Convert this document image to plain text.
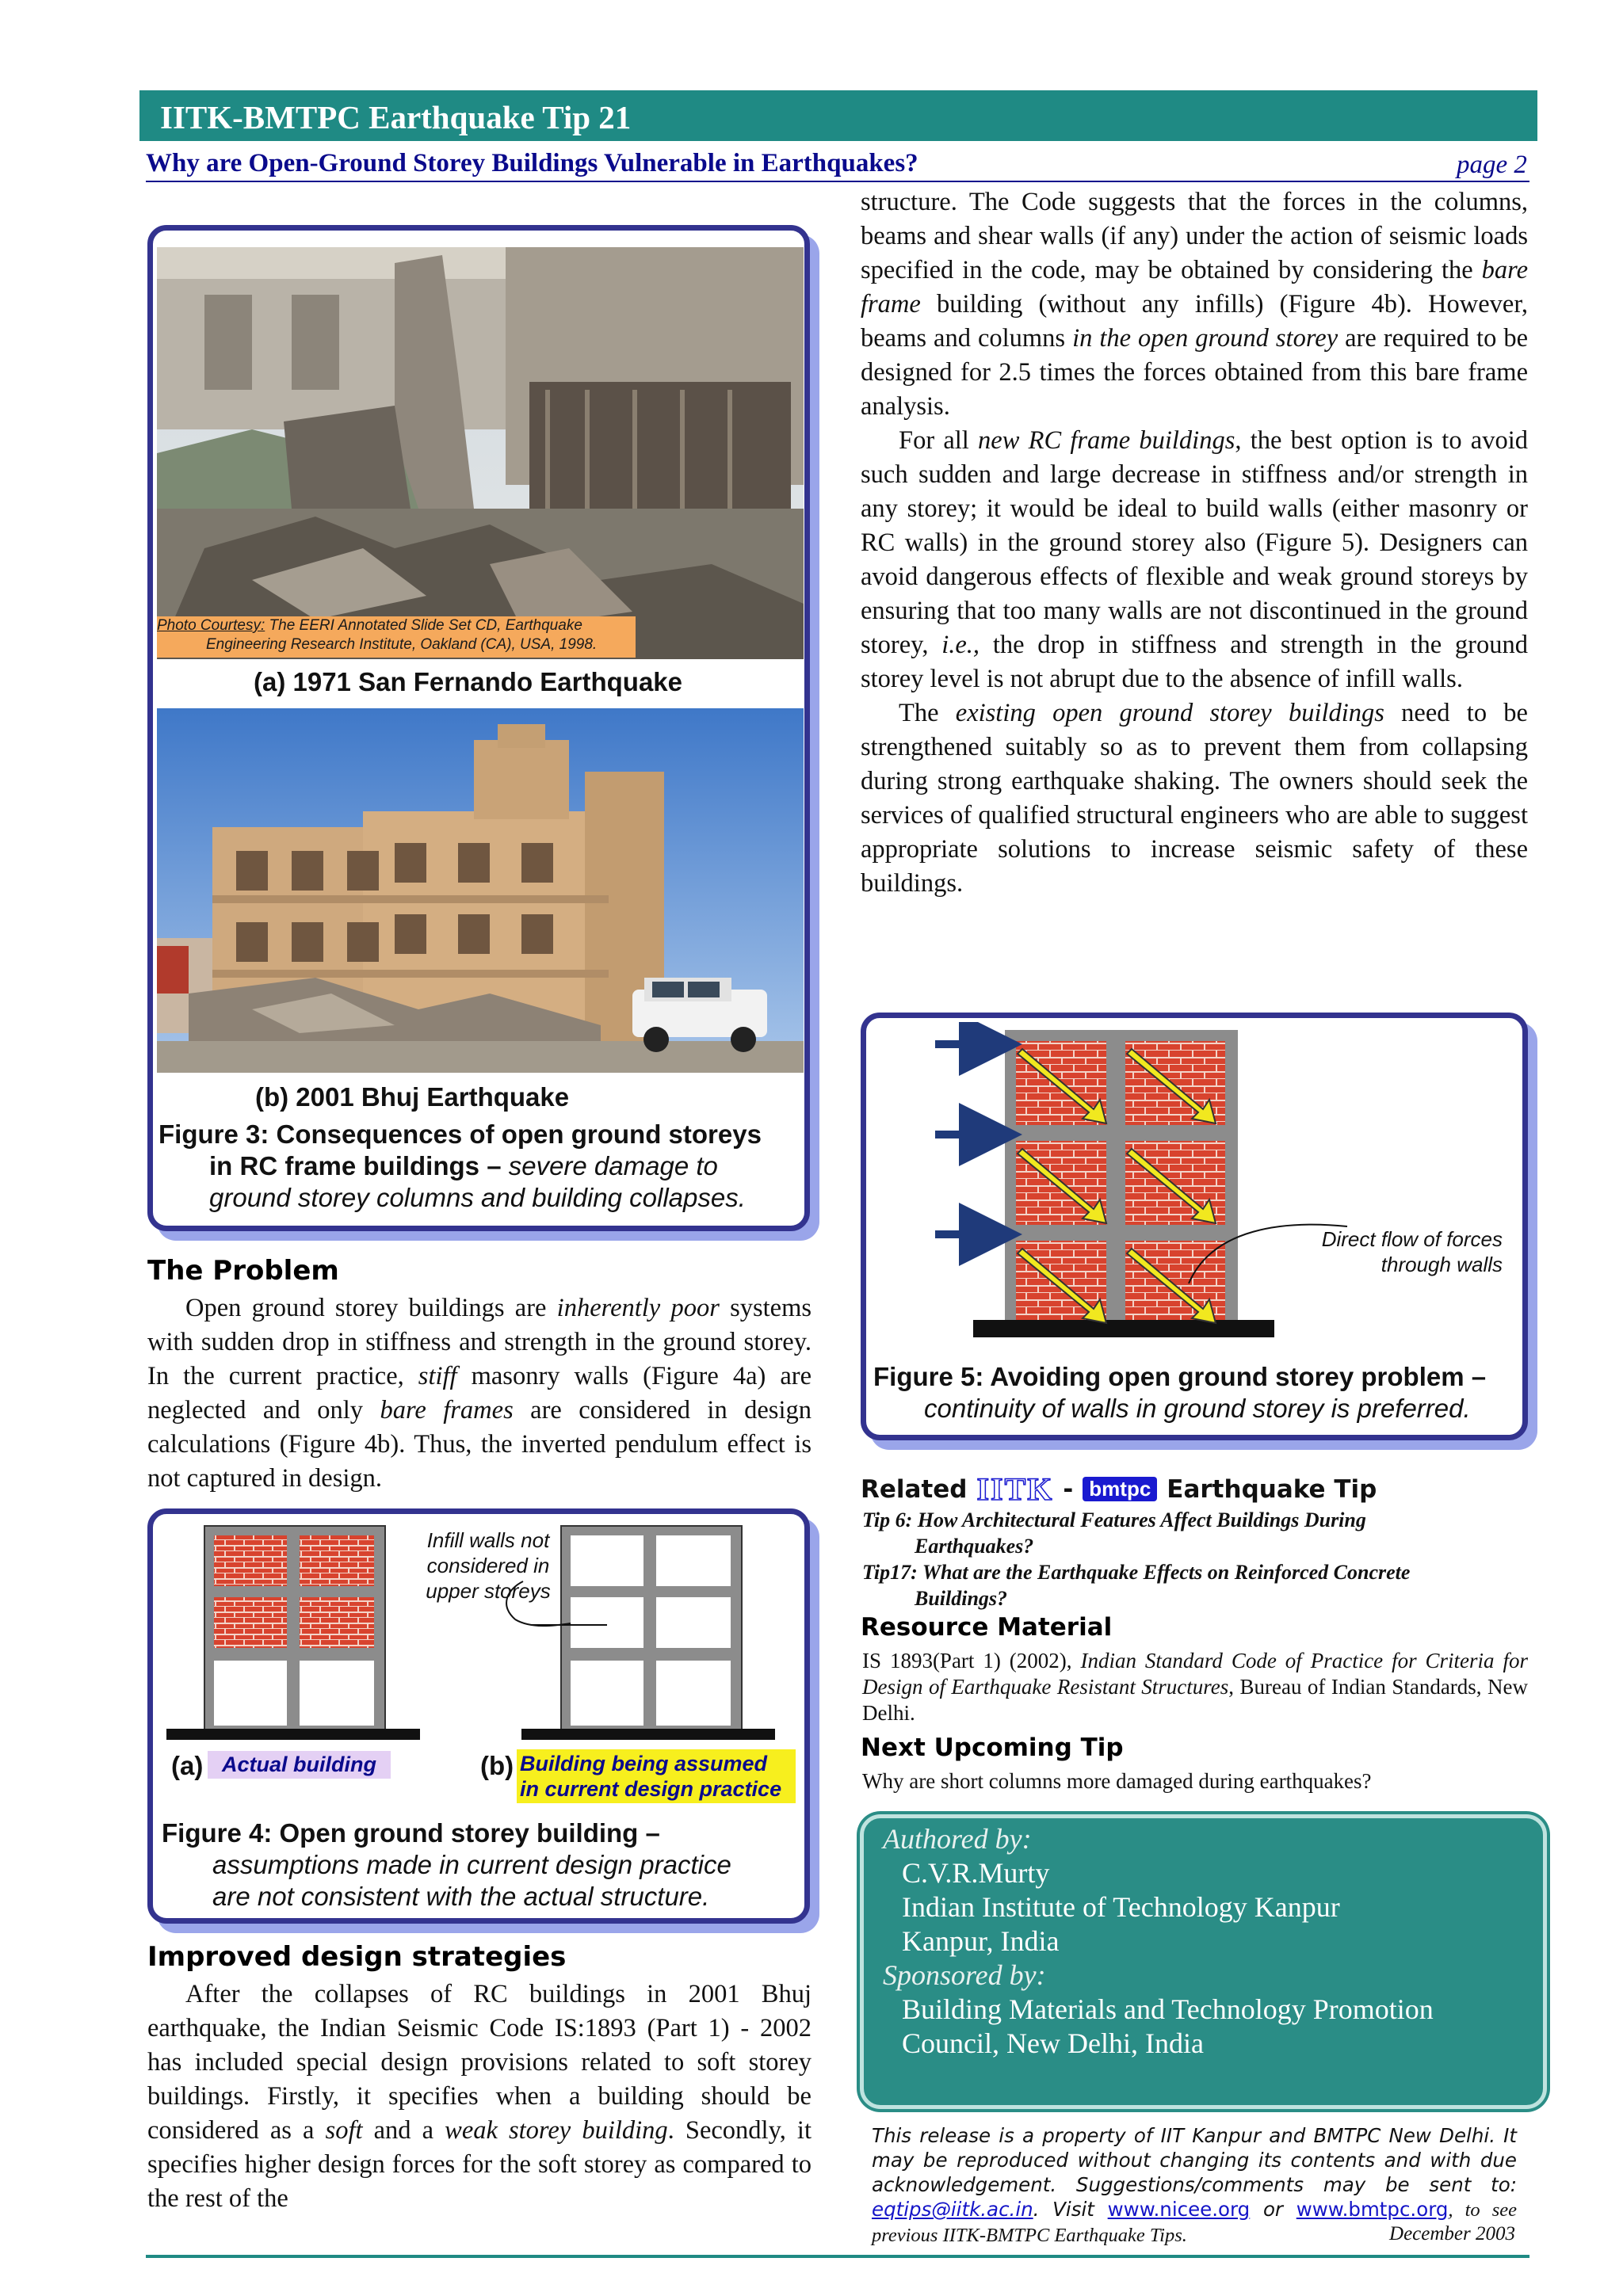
IITK-BMTPC Earthquake Tip 21
Why are Open-Ground Storey Buildings Vulnerable in Earthquakes?	page 2
Photo Courtesy: The EERI Annotated Slide Set CD, Earthquake
Engineering Research Institute, Oakland (CA), USA, 1998.
(a) 1971 San Fernando Earthquake
(b) 2001 Bhuj Earthquake
Figure 3: Consequences of open ground storeys
in RC frame buildings – severe damage to
ground storey columns and building collapses.
The Problem

Open ground storey buildings are inherently poor systems with sudden drop in stiffness and strength in the ground storey. In the current practice, stiff masonry walls (Figure 4a) are neglected and only bare frames are considered in design calculations (Figure 4b). Thus, the inverted pendulum effect is not captured in design.

Infill walls not
considered in
upper storeys
(a) Actual building	(b) Building being assumed
in current design practice
Figure 4: Open ground storey building –
assumptions made in current design practice
are not consistent with the actual structure.
Improved design strategies

After the collapses of RC buildings in 2001 Bhuj earthquake, the Indian Seismic Code IS:1893 (Part 1) - 2002 has included special design provisions related to soft storey buildings. Firstly, it specifies when a building should be considered as a soft and a weak storey building. Secondly, it specifies higher design forces for the soft storey as compared to the rest of the

structure. The Code suggests that the forces in the columns, beams and shear walls (if any) under the action of seismic loads specified in the code, may be obtained by considering the bare frame building (without any infills) (Figure 4b). However, beams and columns in the open ground storey are required to be designed for 2.5 times the forces obtained from this bare frame analysis.

For all new RC frame buildings, the best option is to avoid such sudden and large decrease in stiffness and/or strength in any storey; it would be ideal to build walls (either masonry or RC walls) in the ground storey also (Figure 5). Designers can avoid dangerous effects of flexible and weak ground storeys by ensuring that too many walls are not discontinued in the ground storey, i.e., the drop in stiffness and strength in the ground storey level is not abrupt due to the absence of infill walls.

The existing open ground storey buildings need to be strengthened suitably so as to prevent them from collapsing during strong earthquake shaking. The owners should seek the services of qualified structural engineers who are able to suggest appropriate solutions to increase seismic safety of these buildings.

Direct flow of forces
through walls
Figure 5: Avoiding open ground storey problem –
continuity of walls in ground storey is preferred.
Related IITK - bmtpc Earthquake Tip
Tip 6: How Architectural Features Affect Buildings During
Earthquakes?
Tip17: What are the Earthquake Effects on Reinforced Concrete
Buildings?
Resource Material
IS 1893(Part 1) (2002), Indian Standard Code of Practice for Criteria for Design of Earthquake Resistant Structures, Bureau of Indian Standards, New Delhi.
Next Upcoming Tip
Why are short columns more damaged during earthquakes?
Authored by:
C.V.R.Murty
Indian Institute of Technology Kanpur
Kanpur, India
Sponsored by:
Building Materials and Technology Promotion
Council, New Delhi, India
This release is a property of IIT Kanpur and BMTPC New Delhi. It may be reproduced without changing its contents and with due acknowledgement. Suggestions/comments may be sent to: eqtips@iitk.ac.in. Visit www.nicee.org or www.bmtpc.org, to see previous IITK-BMTPC Earthquake Tips.	December 2003
